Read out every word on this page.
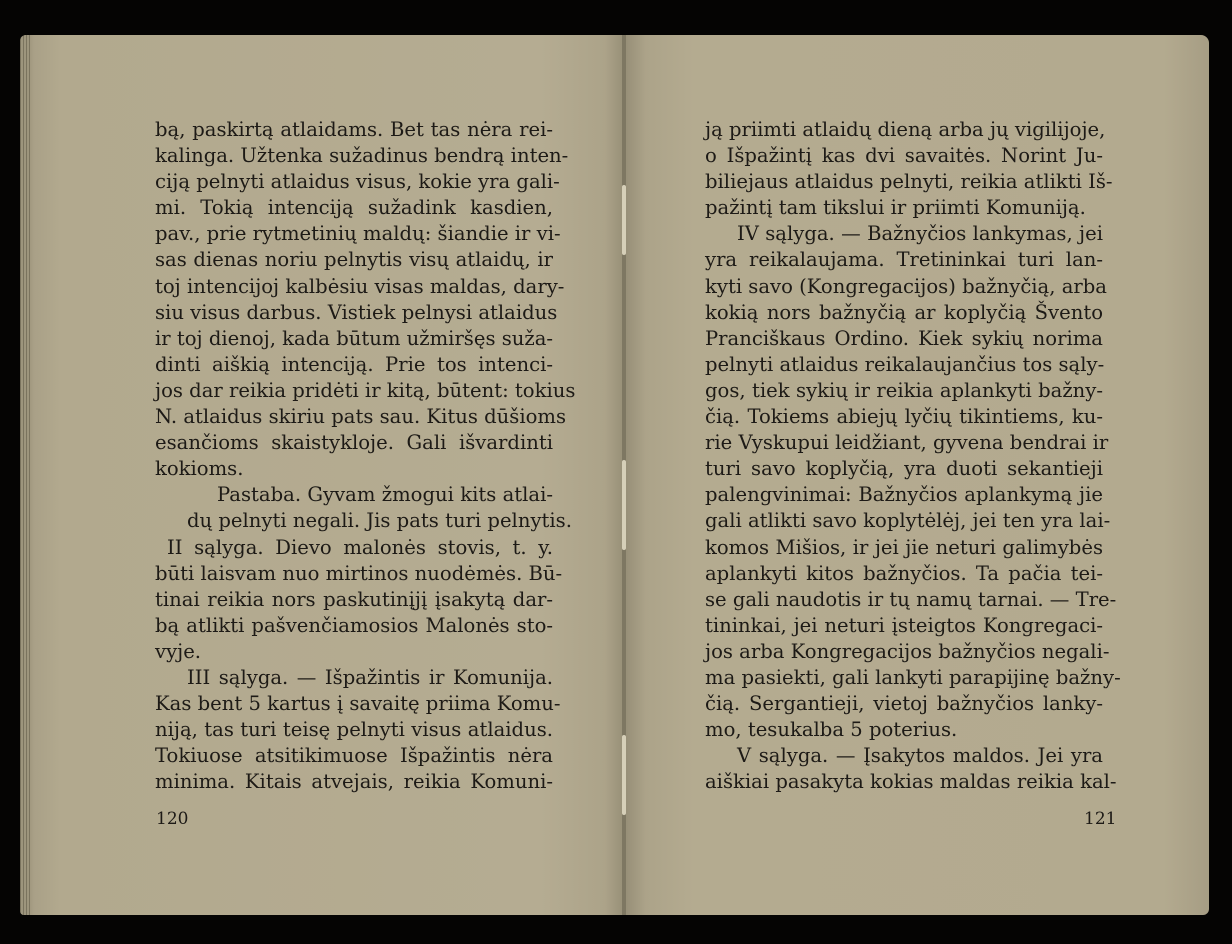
bą, paskirtą atlaidams. Bet tas nėra rei-
kalinga. Užtenka sužadinus bendrą inten-
ciją pelnyti atlaidus visus, kokie yra gali-
mi. Tokią intenciją sužadink kasdien,
pav., prie rytmetinių maldų: šiandie ir vi-
sas dienas noriu pelnytis visų atlaidų, ir
toj intencijoj kalbėsiu visas maldas, dary-
siu visus darbus. Vistiek pelnysi atlaidus
ir toj dienoj, kada būtum užmiršęs suža-
dinti aiškią intenciją. Prie tos intenci-
jos dar reikia pridėti ir kitą, būtent: tokius
N. atlaidus skiriu pats sau. Kitus dūšioms
esančioms skaistykloje. Gali išvardinti
kokioms.
Pastaba. Gyvam žmogui kits atlai-
dų pelnyti negali. Jis pats turi pelnytis.
II sąlyga. Dievo malonės stovis, t. y.
būti laisvam nuo mirtinos nuodėmės. Bū-
tinai reikia nors paskutinįjį įsakytą dar-
bą atlikti pašvenčiamosios Malonės sto-
vyje.
III sąlyga. — Išpažintis ir Komunija.
Kas bent 5 kartus į savaitę priima Komu-
niją, tas turi teisę pelnyti visus atlaidus.
Tokiuose atsitikimuose Išpažintis nėra
minima. Kitais atvejais, reikia Komuni-
120
ją priimti atlaidų dieną arba jų vigilijoje,
o Išpažintį kas dvi savaitės. Norint Ju-
biliejaus atlaidus pelnyti, reikia atlikti Iš-
pažintį tam tikslui ir priimti Komuniją.
IV sąlyga. — Bažnyčios lankymas, jei
yra reikalaujama. Tretininkai turi lan-
kyti savo (Kongregacijos) bažnyčią, arba
kokią nors bažnyčią ar koplyčią Švento
Pranciškaus Ordino. Kiek sykių norima
pelnyti atlaidus reikalaujančius tos sąly-
gos, tiek sykių ir reikia aplankyti bažny-
čią. Tokiems abiejų lyčių tikintiems, ku-
rie Vyskupui leidžiant, gyvena bendrai ir
turi savo koplyčią, yra duoti sekantieji
palengvinimai: Bažnyčios aplankymą jie
gali atlikti savo koplytėlėj, jei ten yra lai-
komos Mišios, ir jei jie neturi galimybės
aplankyti kitos bažnyčios. Ta pačia tei-
se gali naudotis ir tų namų tarnai. — Tre-
tininkai, jei neturi įsteigtos Kongregaci-
jos arba Kongregacijos bažnyčios negali-
ma pasiekti, gali lankyti parapijinę bažny-
čią. Sergantieji, vietoj bažnyčios lanky-
mo, tesukalba 5 poterius.
V sąlyga. — Įsakytos maldos. Jei yra
aiškiai pasakyta kokias maldas reikia kal-
121
